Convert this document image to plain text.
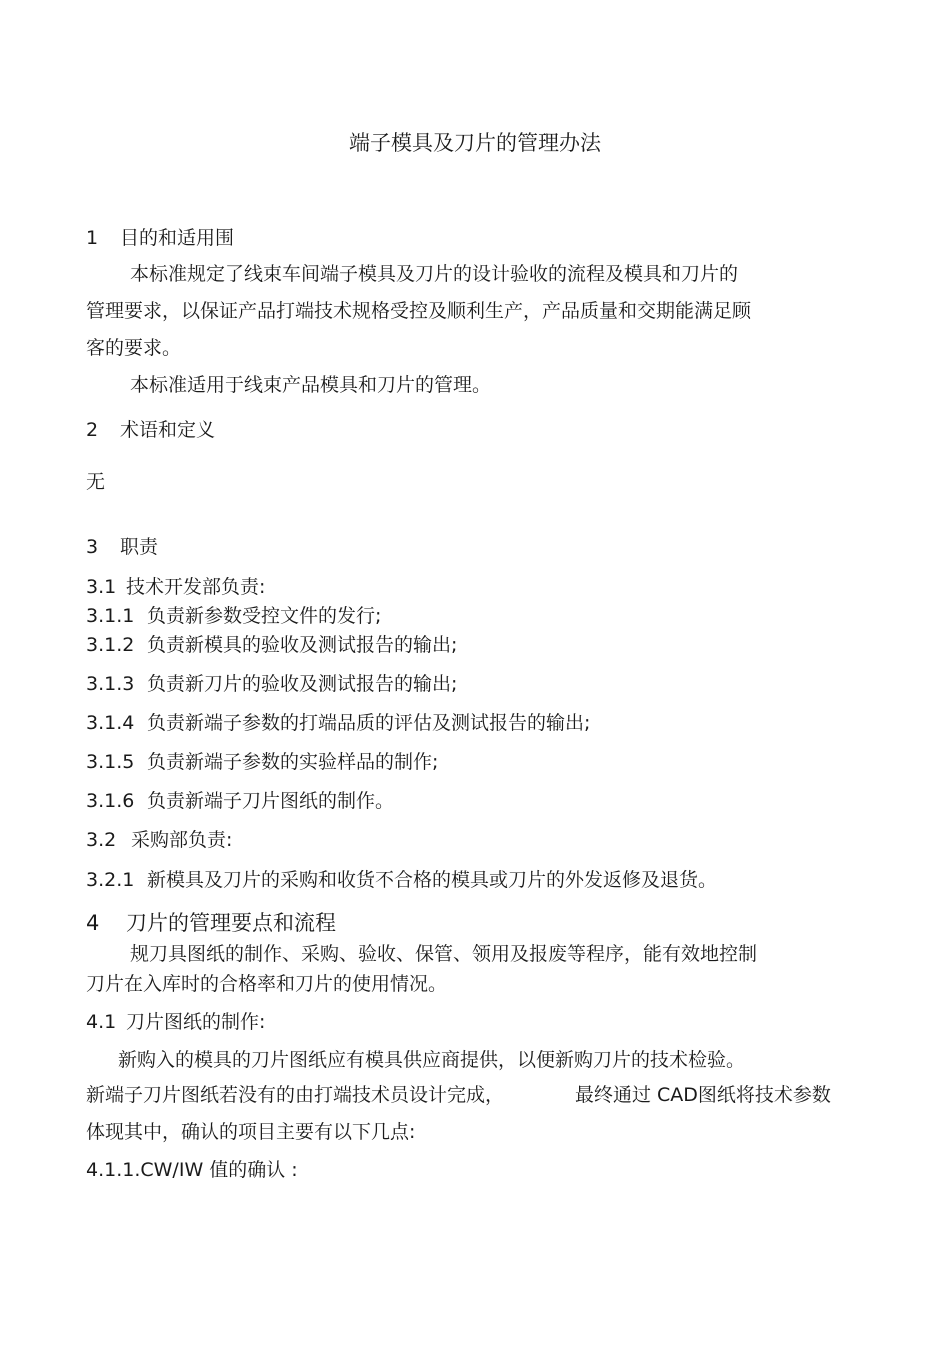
端子模具及刀片的管理办法
1 目的和适用围
本标准规定了线束车间端子模具及刀片的设计验收的流程及模具和刀片的
管理要求，以保证产品打端技术规格受控及顺利生产，产品质量和交期能满足顾
客的要求。
本标准适用于线束产品模具和刀片的管理。
2 术语和定义
无
3 职责
3.1 技术开发部负责:
3.1.1 负责新参数受控文件的发行;
3.1.2 负责新模具的验收及测试报告的输出;
3.1.3 负责新刀片的验收及测试报告的输出;
3.1.4 负责新端子参数的打端品质的评估及测试报告的输出;
3.1.5 负责新端子参数的实验样品的制作;
3.1.6 负责新端子刀片图纸的制作。
3.2 采购部负责:
3.2.1 新模具及刀片的采购和收货不合格的模具或刀片的外发返修及退货。
4 刀片的管理要点和流程
规刀具图纸的制作、采购、验收、保管、领用及报废等程序，能有效地控制
刀片在入库时的合格率和刀片的使用情况。
4.1 刀片图纸的制作:
新购入的模具的刀片图纸应有模具供应商提供，以便新购刀片的技术检验。
新端子刀片图纸若没有的由打端技术员设计完成，	最终通过 CAD图纸将技术参数
体现其中，确认的项目主要有以下几点:
4.1.1.CW/IW 值的确认 :
